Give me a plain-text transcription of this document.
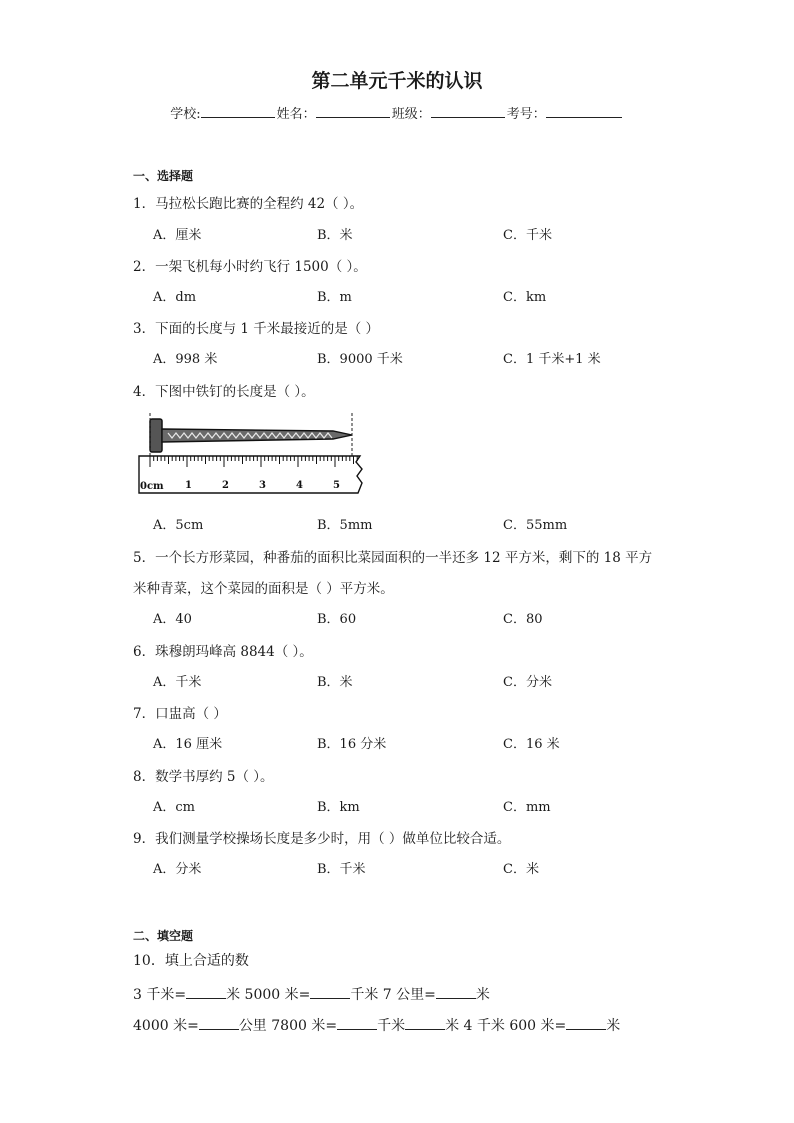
第二单元千米的认识
学校:	姓名：	班级：	考号：
一、选择题
1．马拉松长跑比赛的全程约 42（ ）。
A．厘米	B．米	C．千米
2．一架飞机每小时约飞行 1500（ ）。
A．dm	B．m	C．km
3．下面的长度与 1 千米最接近的是（ ）
A．998 米	B．9000 千米	C．1 千米+1 米
4．下图中铁钉的长度是（ ）。
0cm 1	2	3	4	5
A．5cm	B．5mm	C．55mm
5．一个长方形菜园，种番茄的面积比菜园面积的一半还多 12 平方米，剩下的 18 平方
米种青菜，这个菜园的面积是（ ）平方米。
A．40	B．60	C．80
6．珠穆朗玛峰高 8844（ ）。
A．千米	B．米	C．分米
7．口盅高（ ）
A．16 厘米	B．16 分米	C．16 米
8．数学书厚约 5（ ）。
A．cm	B．km	C．mm
9．我们测量学校操场长度是多少时，用（ ）做单位比较合适。
A．分米	B．千米	C．米
二、填空题
10．填上合适的数
3 千米=	米 5000 米=	千米 7 公里=	米
4000 米=	公里 7800 米=	千米	米 4 千米 600 米=	米
